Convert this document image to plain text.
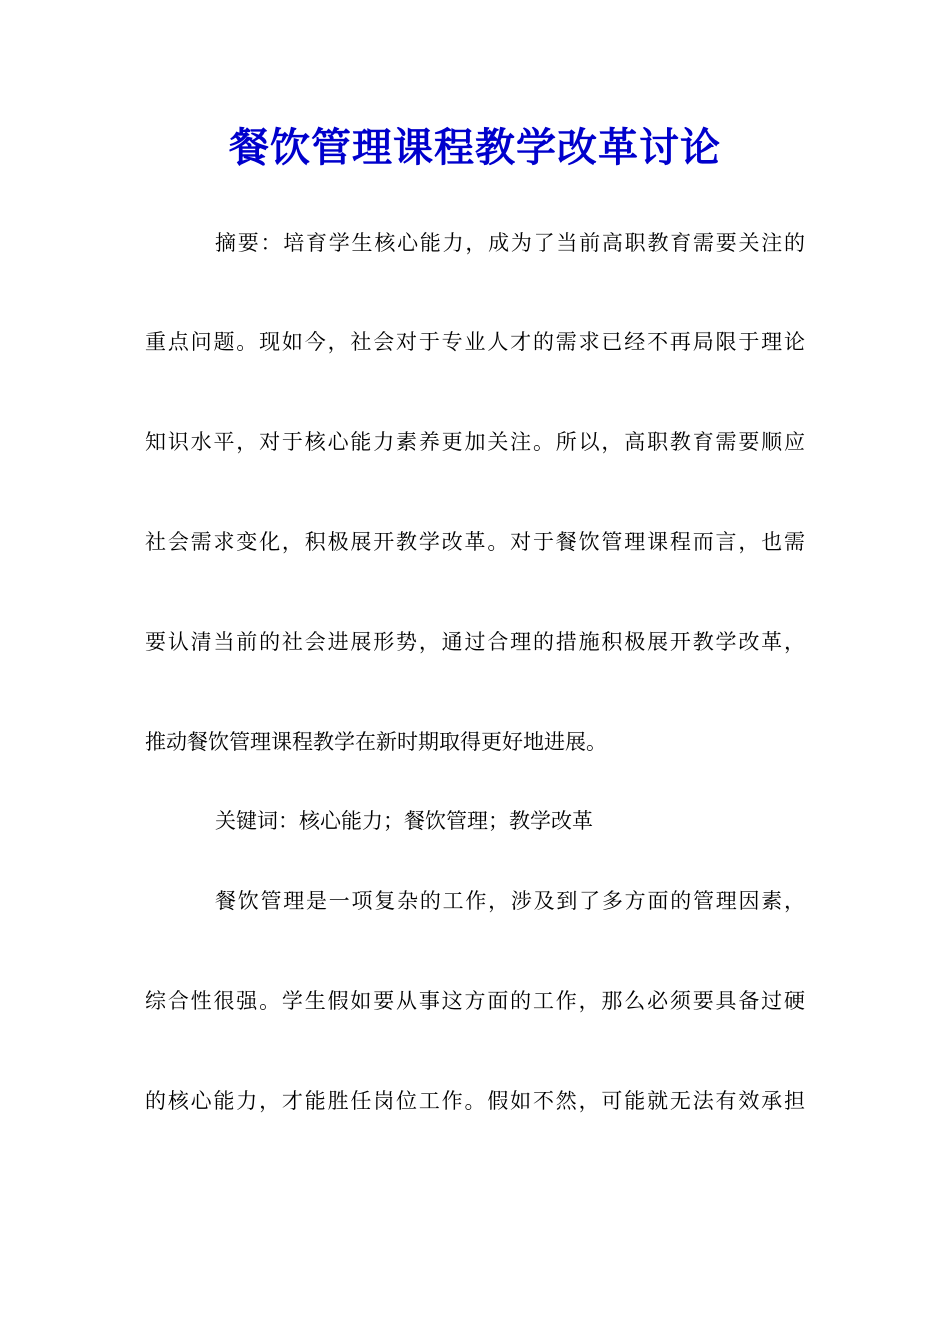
餐饮管理课程教学改革讨论

摘要：培育学生核心能力，成为了当前高职教育需要关注的

重点问题。现如今，社会对于专业人才的需求已经不再局限于理论

知识水平，对于核心能力素养更加关注。所以，高职教育需要顺应

社会需求变化，积极展开教学改革。对于餐饮管理课程而言，也需

要认清当前的社会进展形势，通过合理的措施积极展开教学改革，

推动餐饮管理课程教学在新时期取得更好地进展。

关键词：核心能力；餐饮管理；教学改革

餐饮管理是一项复杂的工作，涉及到了多方面的管理因素，

综合性很强。学生假如要从事这方面的工作，那么必须要具备过硬

的核心能力，才能胜任岗位工作。假如不然，可能就无法有效承担
